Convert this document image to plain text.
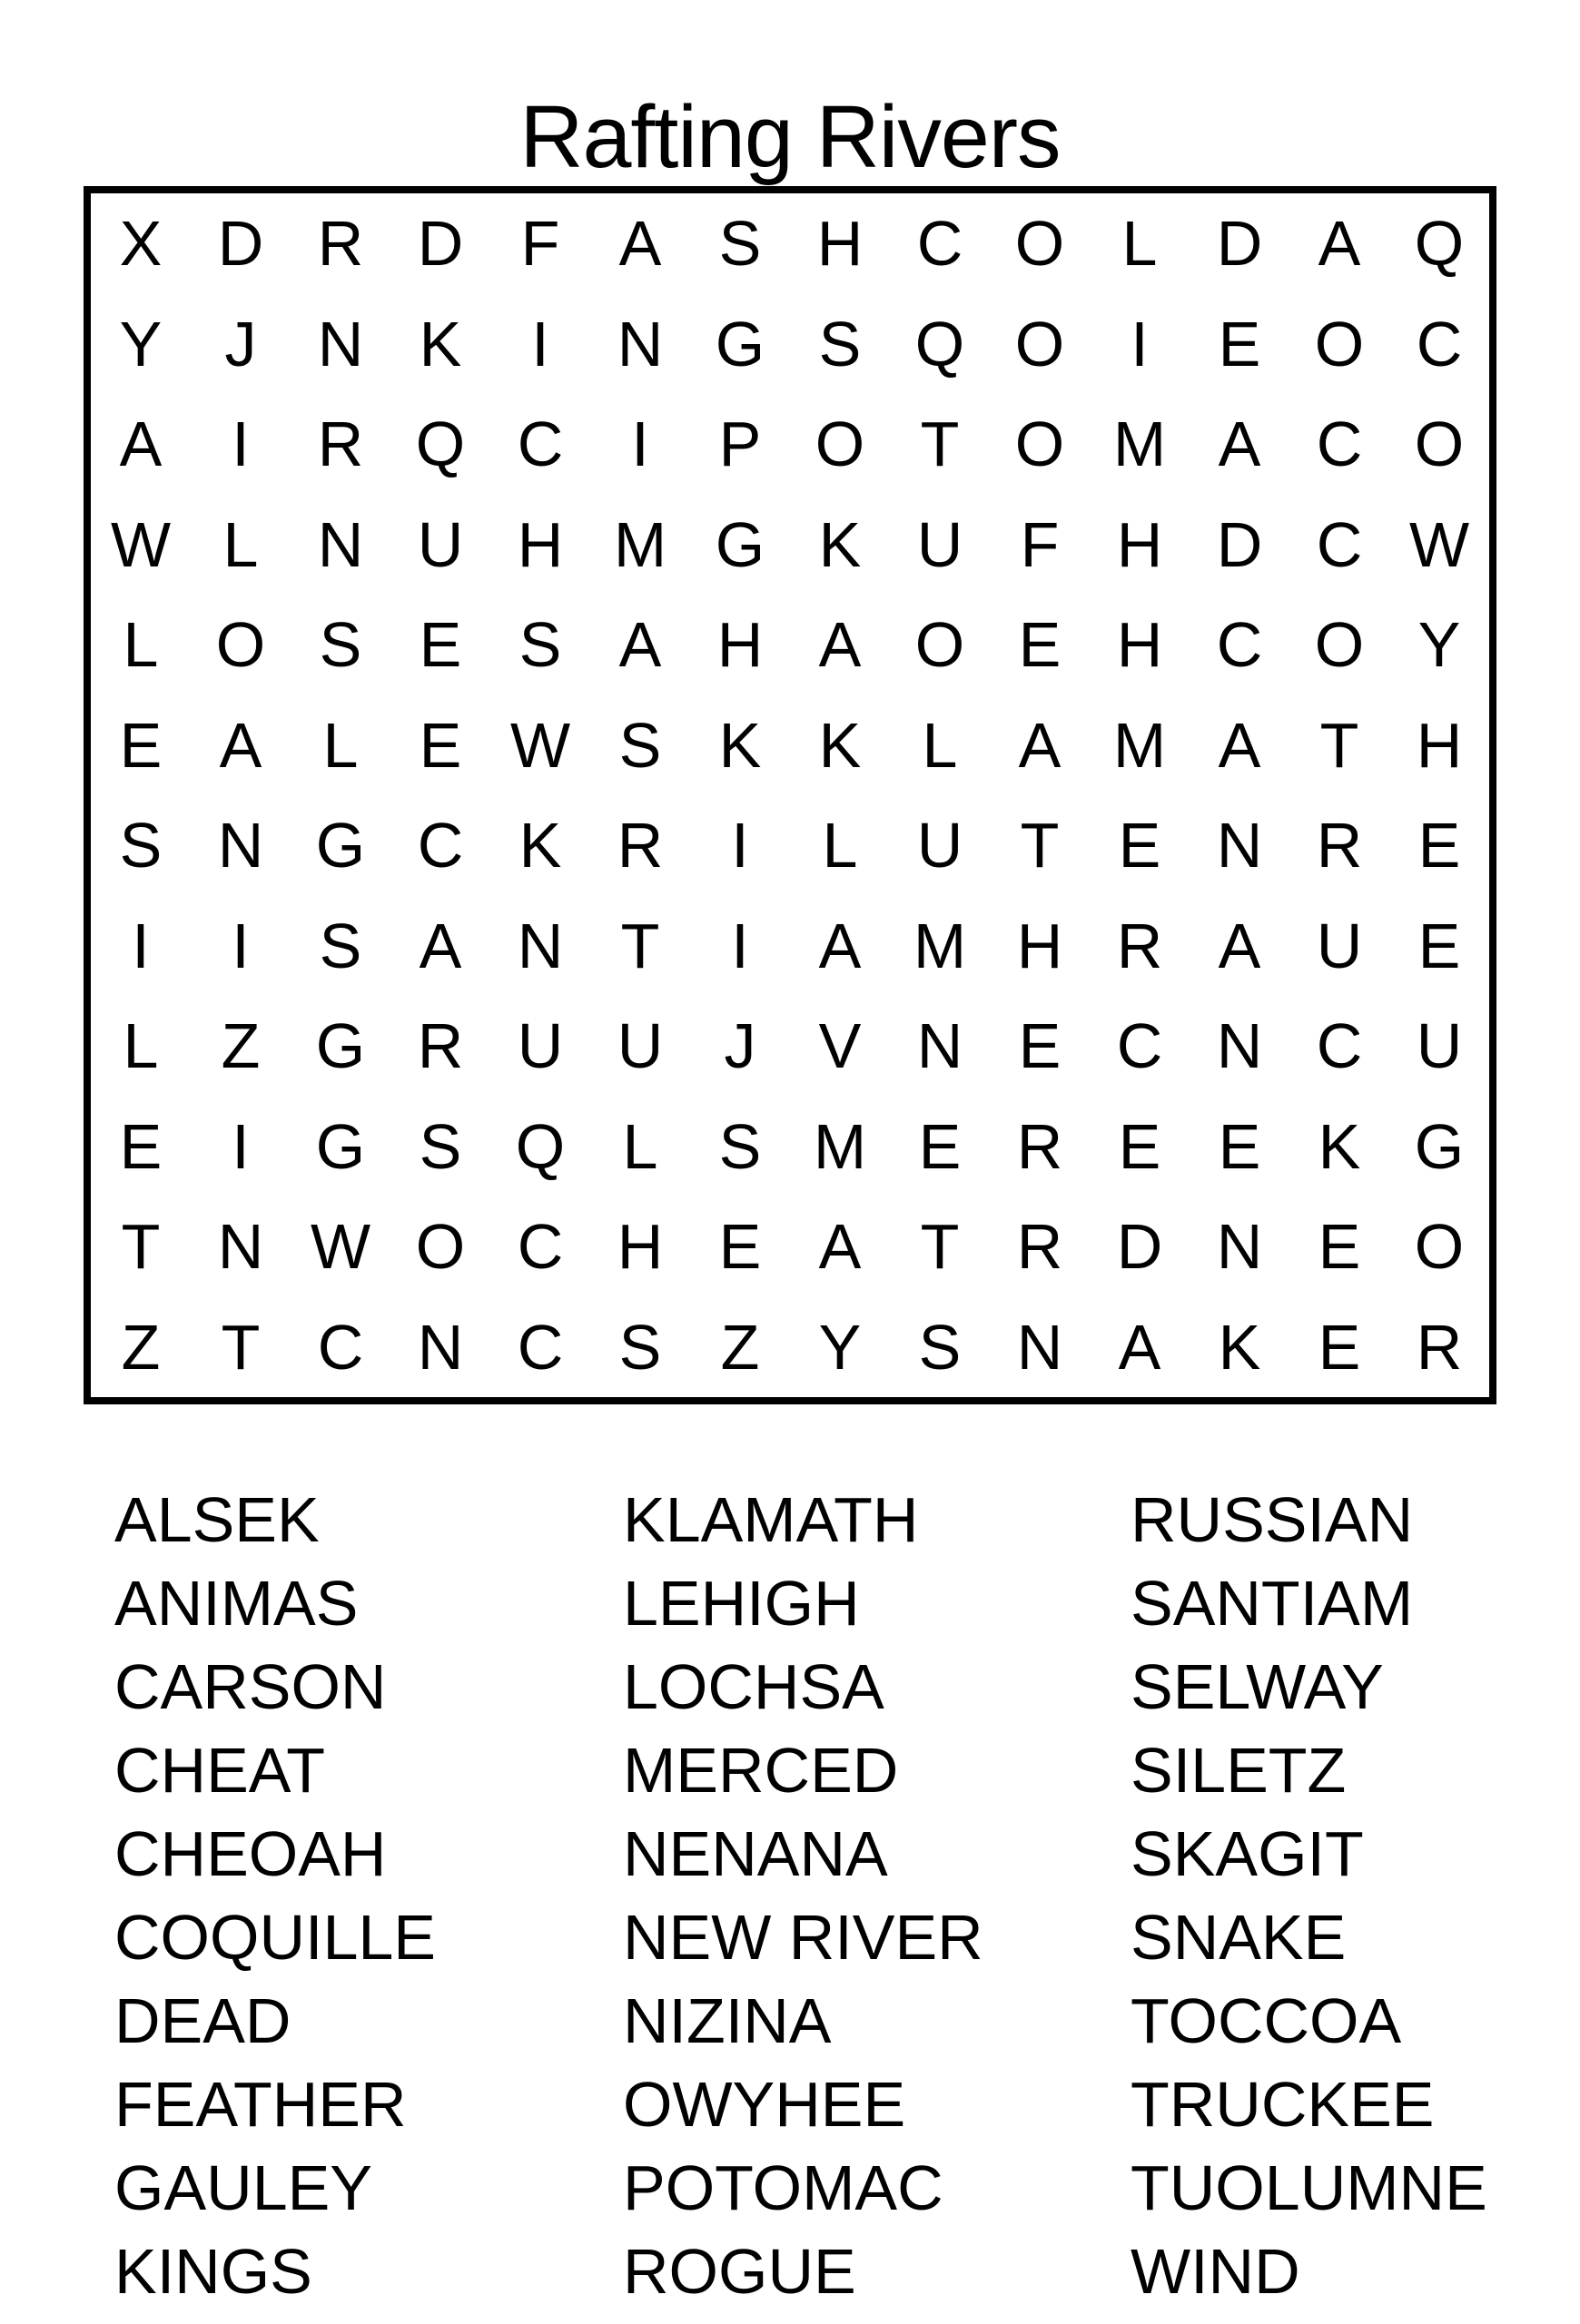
Rafting Rivers
X D R D F A S H C O L D A Q
Y J N K	I	N G S Q O	I	E O C
A	I	R Q C	I	P O T O M A C O
W L N U H M G K U F H D C W
L O S E S A H A O E H C O Y
E A L E W S K K L A M A T H
S N G C K R	I	L U T E N R E
I	I	S A N T	I	A M H R A U E
L Z G R U U J V N E C N C U
E	I	G S Q L S M E R E E K G
T N W O C H E A T R D N E O
Z T C N C S Z Y S N A K E R
ALSEK
ANIMAS
CARSON
CHEAT
CHEOAH
COQUILLE
DEAD
FEATHER
GAULEY
KINGS
KLAMATH
LEHIGH
LOCHSA
MERCED
NENANA
NEW RIVER
NIZINA
OWYHEE
POTOMAC
ROGUE
RUSSIAN
SANTIAM
SELWAY
SILETZ
SKAGIT
SNAKE
TOCCOA
TRUCKEE
TUOLUMNE
WIND
